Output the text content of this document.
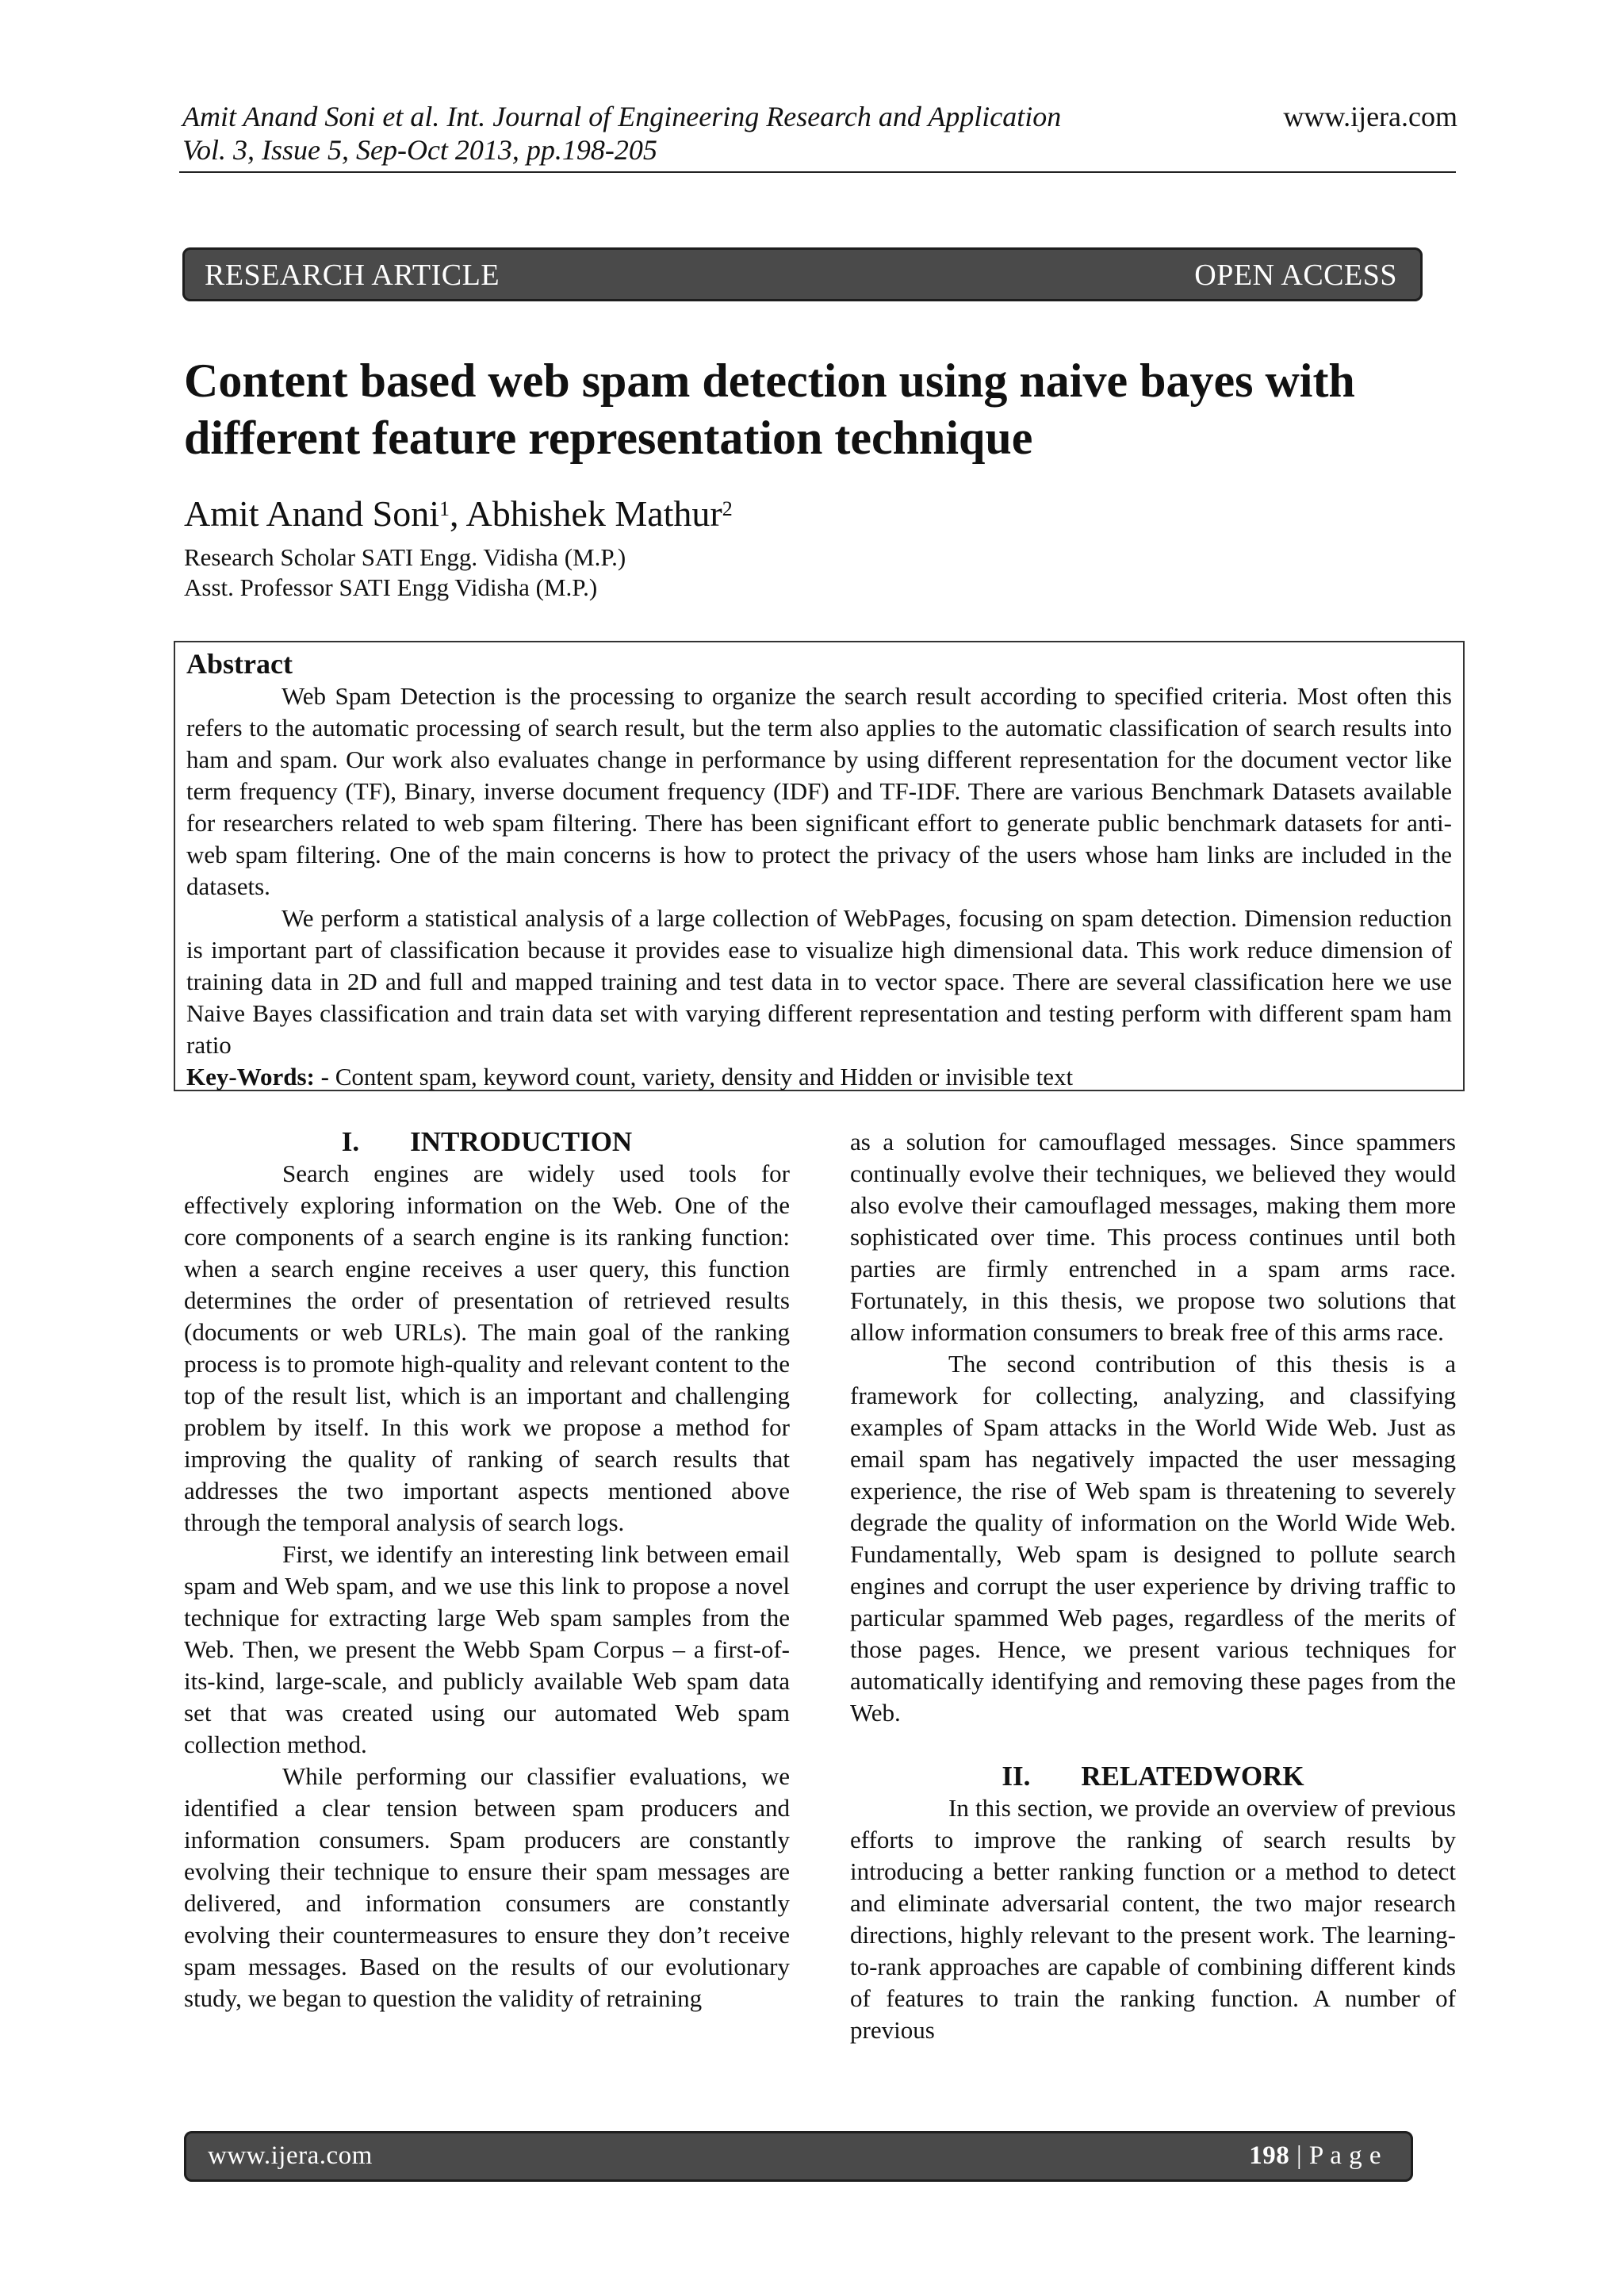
Amit Anand Soni et al. Int. Journal of Engineering Research and Application
Vol. 3, Issue 5, Sep-Oct 2013, pp.198-205
www.ijera.com
RESEARCH ARTICLE	OPEN ACCESS
Content based web spam detection using naive bayes with
different feature representation technique
Amit Anand Soni$^1$, Abhishek Mathur$^2$
Research Scholar SATI Engg. Vidisha (M.P.)
Asst. Professor SATI Engg Vidisha (M.P.)
Abstract

Web Spam Detection is the processing to organize the search result according to specified criteria. Most often this refers to the automatic processing of search result, but the term also applies to the automatic classification of search results into ham and spam. Our work also evaluates change in performance by using different representation for the document vector like term frequency (TF), Binary, inverse document frequency (IDF) and TF-IDF. There are various Benchmark Datasets available for researchers related to web spam filtering. There has been significant effort to generate public benchmark datasets for anti- web spam filtering. One of the main concerns is how to protect the privacy of the users whose ham links are included in the datasets.

We perform a statistical analysis of a large collection of WebPages, focusing on spam detection. Dimension reduction is important part of classification because it provides ease to visualize high dimensional data. This work reduce dimension of training data in 2D and full and mapped training and test data in to vector space. There are several classification here we use Naive Bayes classification and train data set with varying different representation and testing perform with different spam ham ratio

Key-Words: - Content spam, keyword count, variety, density and Hidden or invisible text
I. INTRODUCTION

Search engines are widely used tools for effectively exploring information on the Web. One of the core components of a search engine is its ranking function: when a search engine receives a user query, this function determines the order of presentation of retrieved results (documents or web URLs). The main goal of the ranking process is to promote high-quality and relevant content to the top of the result list, which is an important and challenging problem by itself. In this work we propose a method for improving the quality of ranking of search results that addresses the two important aspects mentioned above through the temporal analysis of search logs.

First, we identify an interesting link between email spam and Web spam, and we use this link to propose a novel technique for extracting large Web spam samples from the Web. Then, we present the Webb Spam Corpus – a first-of-its-kind, large-scale, and publicly available Web spam data set that was created using our automated Web spam collection method.

While performing our classifier evaluations, we identified a clear tension between spam producers and information consumers. Spam producers are constantly evolving their technique to ensure their spam messages are delivered, and information consumers are constantly evolving their countermeasures to ensure they don’t receive spam messages. Based on the results of our evolutionary study, we began to question the validity of retraining

as a solution for camouflaged messages. Since spammers continually evolve their techniques, we believed they would also evolve their camouflaged messages, making them more sophisticated over time. This process continues until both parties are firmly entrenched in a spam arms race. Fortunately, in this thesis, we propose two solutions that allow information consumers to break free of this arms race.

The second contribution of this thesis is a framework for collecting, analyzing, and classifying examples of Spam attacks in the World Wide Web. Just as email spam has negatively impacted the user messaging experience, the rise of Web spam is threatening to severely degrade the quality of information on the World Wide Web. Fundamentally, Web spam is designed to pollute search engines and corrupt the user experience by driving traffic to particular spammed Web pages, regardless of the merits of those pages. Hence, we present various techniques for automatically identifying and removing these pages from the Web.

II. RELATEDWORK

In this section, we provide an overview of previous efforts to improve the ranking of search results by introducing a better ranking function or a method to detect and eliminate adversarial content, the two major research directions, highly relevant to the present work. The learning-to-rank approaches are capable of combining different kinds of features to train the ranking function. A number of previous

www.ijera.com	198 | P a g e
